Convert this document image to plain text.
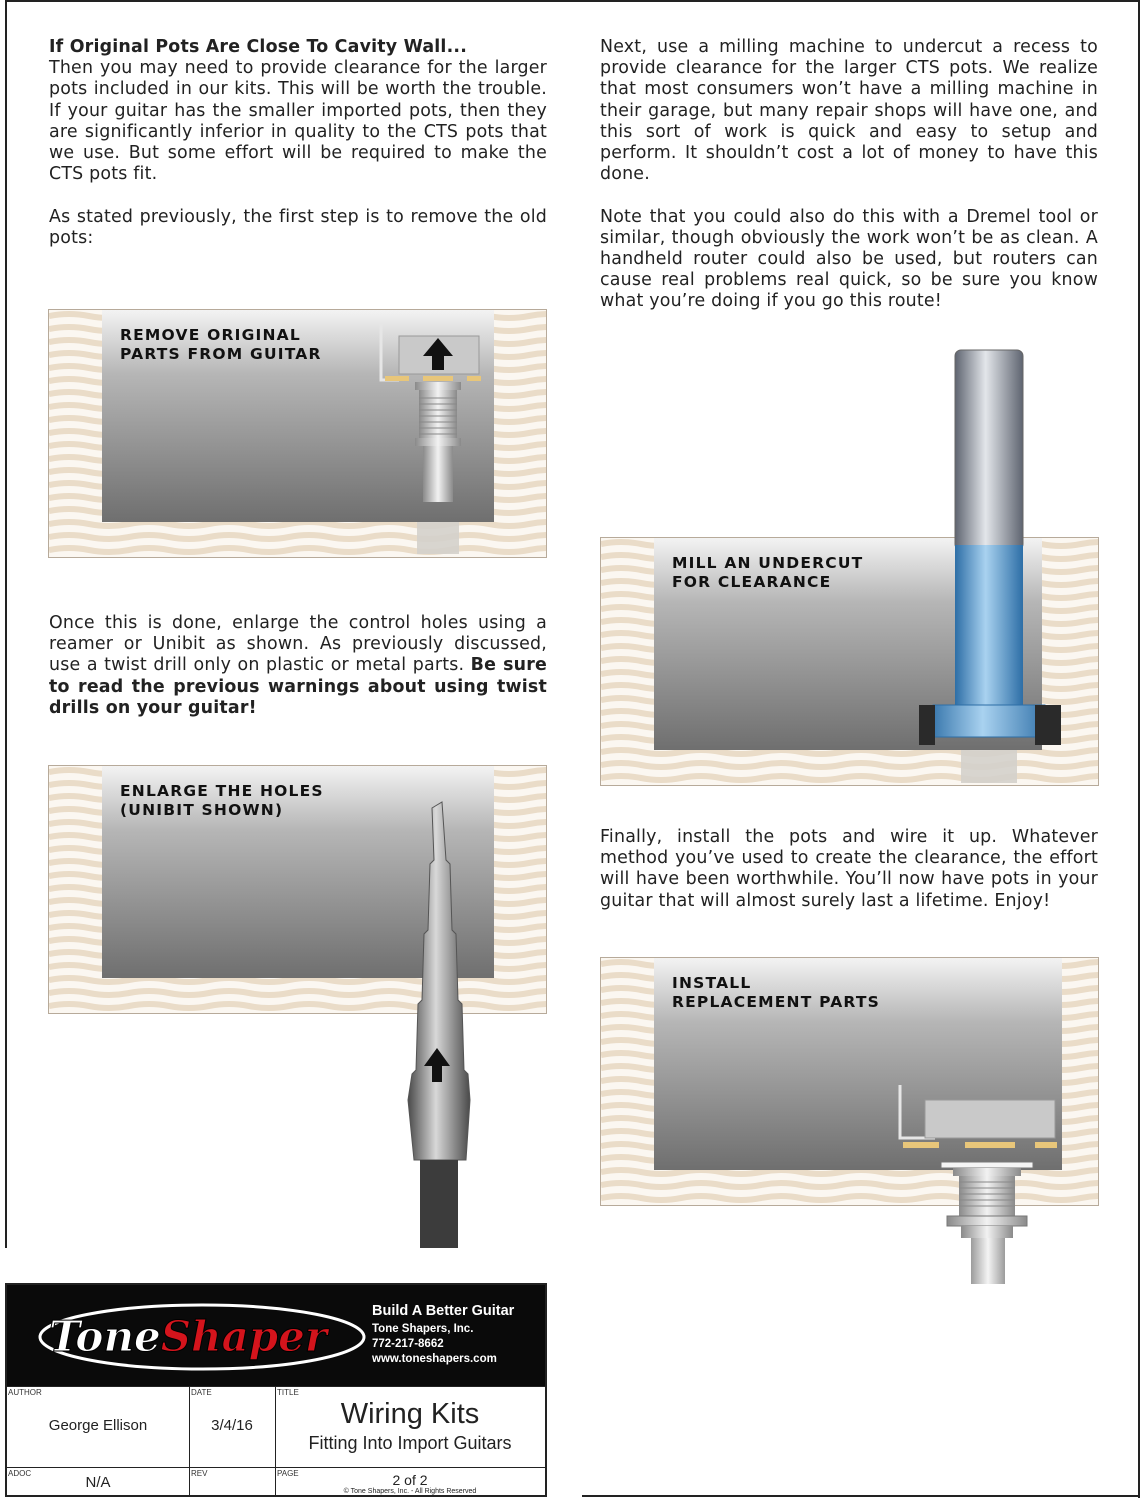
If Original Pots Are Close To Cavity Wall...

Then you may need to provide clearance for the larger pots included in our kits. This will be worth the trouble. If your guitar has the smaller imported pots, then they are significantly inferior in quality to the CTS pots that we use. But some effort will be required to make the CTS pots fit.

As stated previously, the first step is to remove the old pots:

Once this is done, enlarge the control holes using a reamer or Unibit as shown. As previously discussed, use a twist drill only on plastic or metal parts. Be sure to read the previous warnings about using twist drills on your guitar!

Next, use a milling machine to undercut a recess to provide clearance for the larger CTS pots. We realize that most consumers won’t have a milling machine in their garage, but many repair shops will have one, and this sort of work is quick and easy to setup and perform. It shouldn’t cost a lot of money to have this done.

Note that you could also do this with a Dremel tool or similar, though obviously the work won’t be as clean. A handheld router could also be used, but routers can cause real problems real quick, so be sure you know what you’re doing if you go this route!

Finally, install the pots and wire it up. Whatever method you’ve used to create the clearance, the effort will have been worthwhile. You’ll now have pots in your guitar that will almost surely last a lifetime. Enjoy!

REMOVE ORIGINAL
PARTS FROM GUITAR
ENLARGE THE HOLES
(UNIBIT SHOWN)
MILL AN UNDERCUT
FOR CLEARANCE
INSTALL
REPLACEMENT PARTS
ToneShaper
Build A Better Guitar
Tone Shapers, Inc.
772-217-8662
www.toneshapers.com
AUTHOR
George Ellison
DATE
3/4/16
TITLE
Wiring Kits
Fitting Into Import Guitars
ADOC
N/A
REV	PAGE	2 of 2
© Tone Shapers, Inc. - All Rights Reserved
